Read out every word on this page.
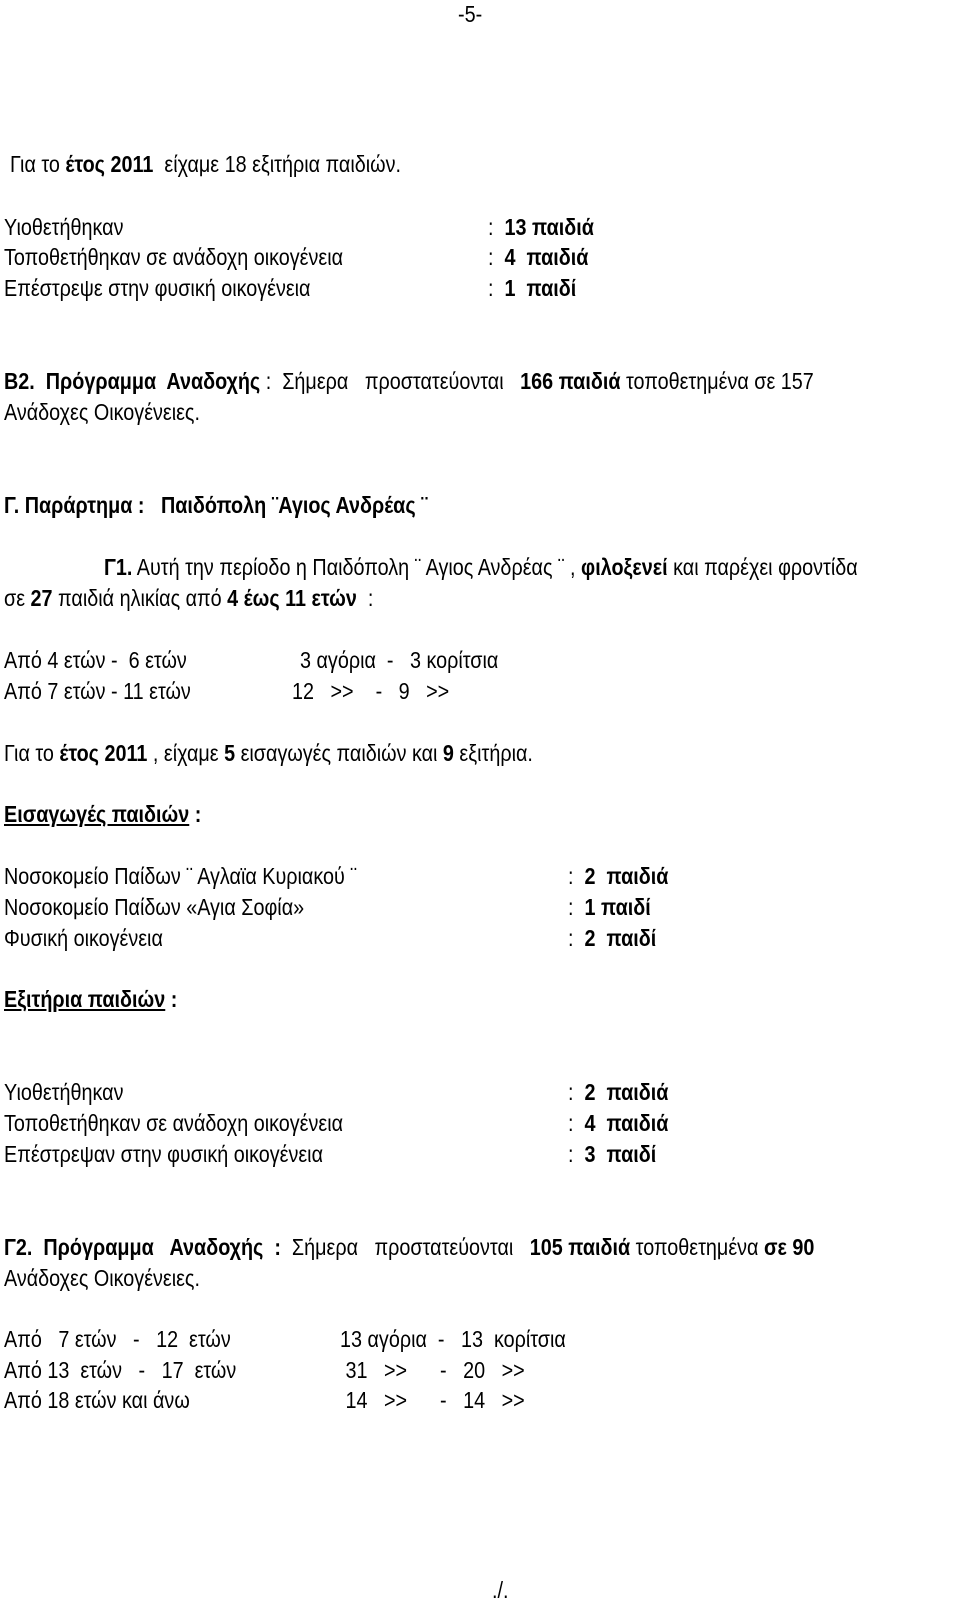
-5-
Για το έτος 2011  είχαμε 18 εξιτήρια παιδιών.
Υιοθετήθηκαν	: 13 παιδιά
Τοποθετήθηκαν σε ανάδοχη οικογένεια	: 4  παιδιά
Επέστρεψε στην φυσική οικογένεια	: 1  παιδί
Β2.  Πρόγραμμα  Αναδοχής :  Σήμερα   προστατεύονται   166 παιδιά τοποθετημένα σε 157
Ανάδοχες Οικογένειες.
Γ. Παράρτημα :   Παιδόπολη ¨Αγιος Ανδρέας ¨
Γ1. Αυτή την περίοδο η Παιδόπολη ¨ Αγιος Ανδρέας ¨ , φιλοξενεί και παρέχει φροντίδα
σε 27 παιδιά ηλικίας από 4 έως 11 ετών  :
Από 4 ετών -  6 ετών	3 αγόρια  -   3 κορίτσια
Από 7 ετών - 11 ετών	12   >>    -   9   >>
Για το έτος 2011 , είχαμε 5 εισαγωγές παιδιών και 9 εξιτήρια.
Εισαγωγές παιδιών :
Νοσοκομείο Παίδων ¨ Αγλαϊα Κυριακού ¨	: 2  παιδιά
Νοσοκομείο Παίδων «Αγια Σοφία»	: 1 παιδί
Φυσική οικογένεια	: 2  παιδί
Εξιτήρια παιδιών :
Υιοθετήθηκαν	: 2  παιδιά
Τοποθετήθηκαν σε ανάδοχη οικογένεια	: 4  παιδιά
Επέστρεψαν στην φυσική οικογένεια	: 3  παιδί
Γ2.  Πρόγραμμα   Αναδοχής  :  Σήμερα   προστατεύονται   105 παιδιά τοποθετημένα σε 90
Ανάδοχες Οικογένειες.
Από   7 ετών   -   12  ετών	13 αγόρια  -   13  κορίτσια
Από 13  ετών   -   17  ετών	31   >>      -   20   >>
Από 18 ετών και άνω	14   >>      -   14   >>
./.
